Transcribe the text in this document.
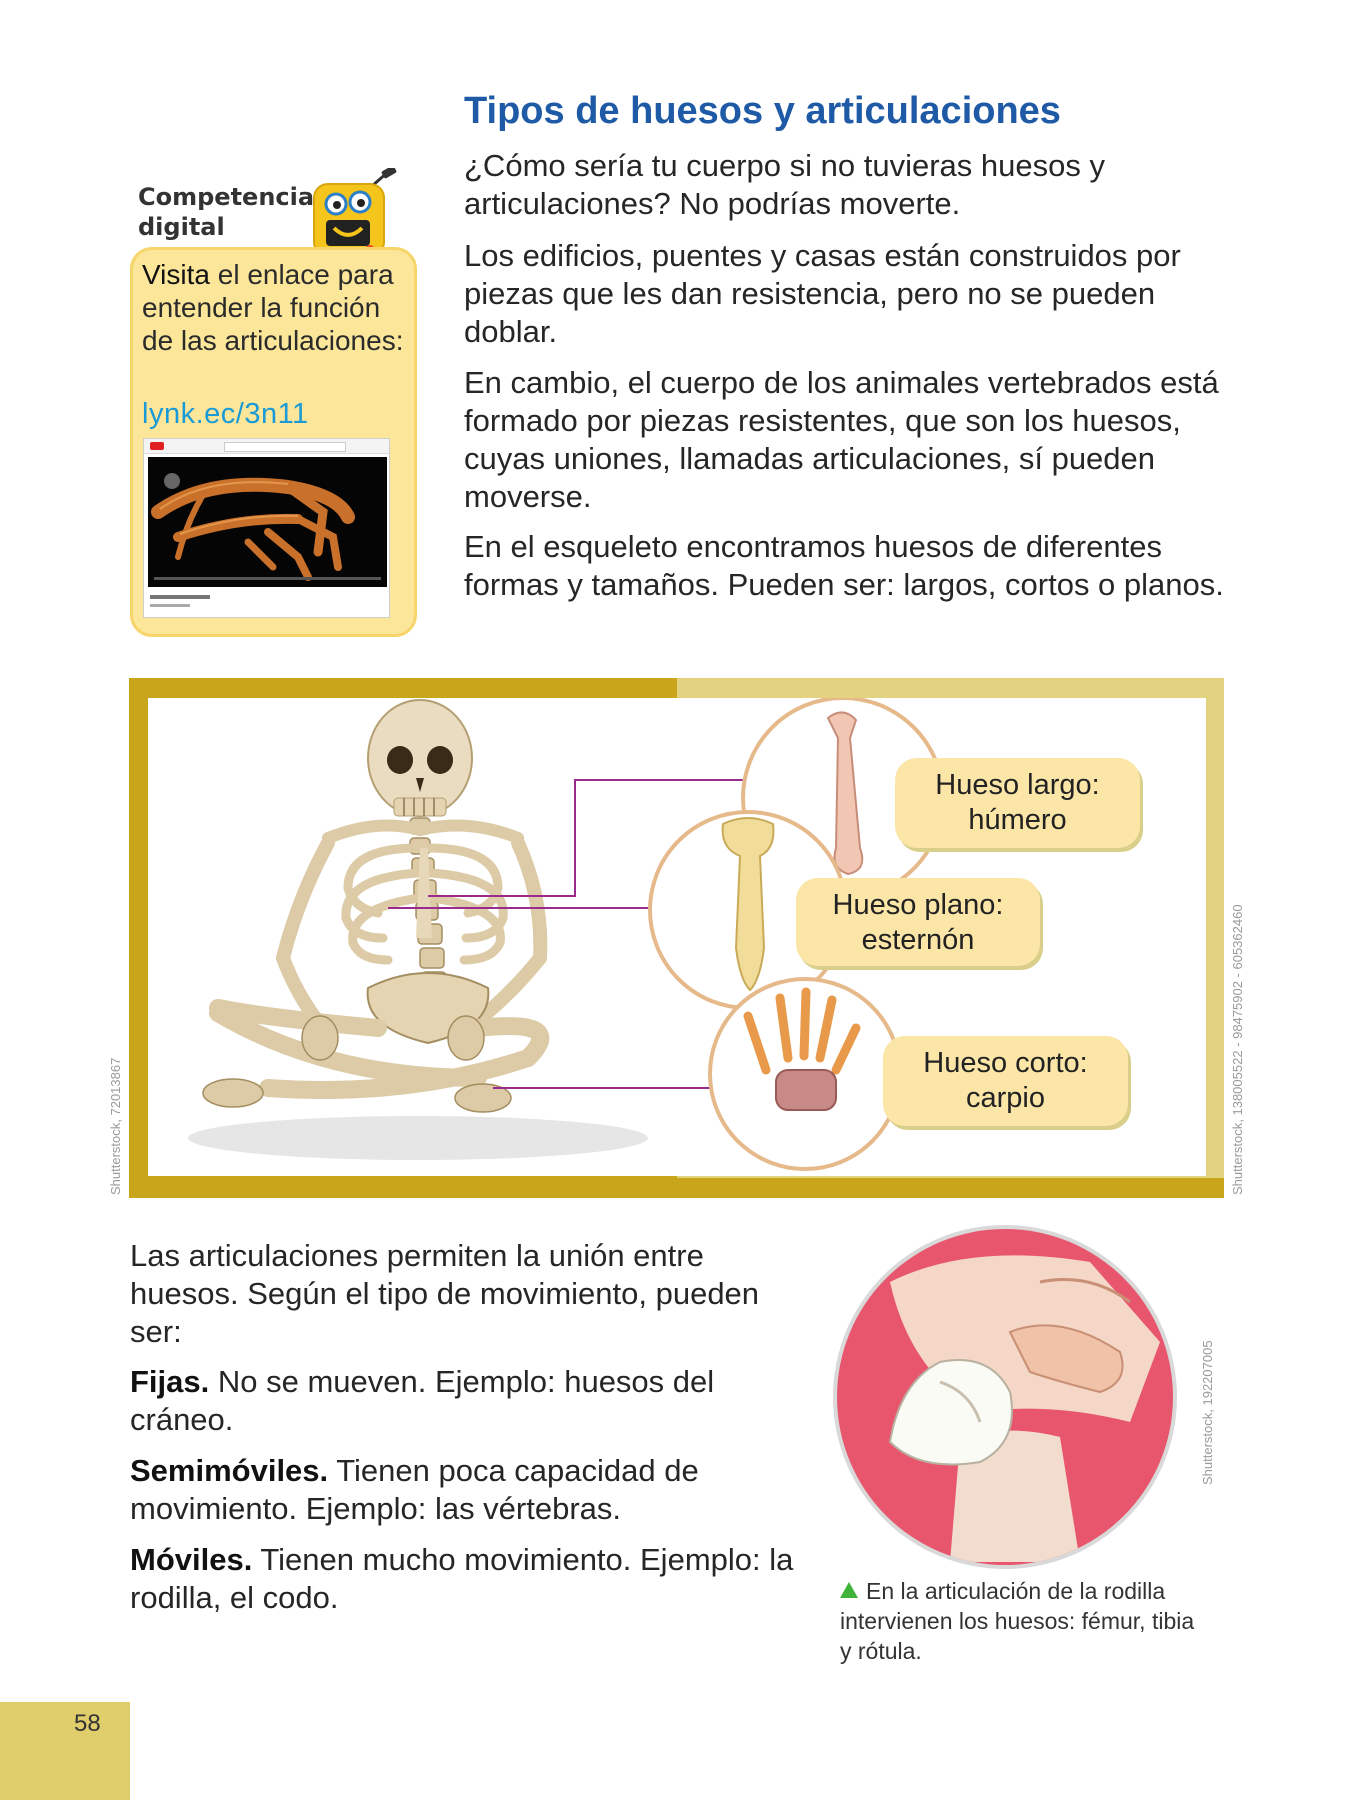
Competencia digital
Visita el enlace para entender la función de las articulaciones:
lynk.ec/3n11
Tipos de huesos y articulaciones

¿Cómo sería tu cuerpo si no tuvieras huesos y articulaciones? No podrías moverte.

Los edificios, puentes y casas están construidos por piezas que les dan resistencia, pero no se pueden doblar.

En cambio, el cuerpo de los animales vertebrados está formado por piezas resistentes, que son los huesos, cuyas uniones, llamadas articulaciones, sí pueden moverse.

En el esqueleto encontramos huesos de diferentes formas y tamaños. Pueden ser: largos, cortos o planos.

Hueso largo:
húmero
Hueso plano:
esternón
Hueso corto:
carpio
Shutterstock, 72013867	Shutterstock, 138005522 - 98475902 - 605362460

Las articulaciones permiten la unión entre huesos. Según el tipo de movimiento, pueden ser:

Fijas. No se mueven. Ejemplo: huesos del cráneo.

Semimóviles. Tienen poca capacidad de movimiento. Ejemplo: las vértebras.

Móviles. Tienen mucho movimiento. Ejemplo: la rodilla, el codo.

Shutterstock, 192207005
En la articulación de la rodilla intervienen los huesos: fémur, tibia y rótula.
58
